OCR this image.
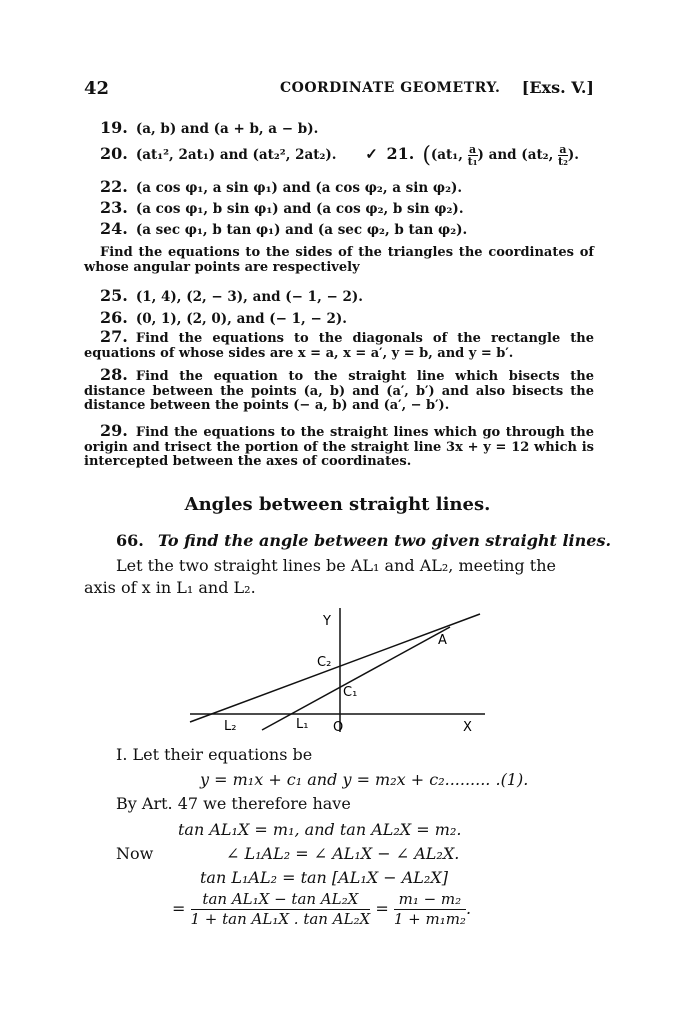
42	COORDINATE GEOMETRY. [Exs. V.]
19. (a, b) and (a + b, a − b).
20. (at₁², 2at₁) and (at₂², 2at₂). ✓ 21. ((at₁, $\frac{a}{\text{t₁}}$ ) and (at₂, $\frac{a}{\text{t₂}}$ ).
22. (a cos φ₁, a sin φ₁) and (a cos φ₂, a sin φ₂).
23. (a cos φ₁, b sin φ₁) and (a cos φ₂, b sin φ₂).
24. (a sec φ₁, b tan φ₁) and (a sec φ₂, b tan φ₂).
Find the equations to the sides of the triangles the coordinates of whose angular points are respectively
25. (1, 4), (2, − 3), and (− 1, − 2).
26. (0, 1), (2, 0), and (− 1, − 2).
27. Find the equations to the diagonals of the rectangle the equations of whose sides are x = a, x = a′, y = b, and y = b′.
28. Find the equation to the straight line which bisects the distance between the points (a, b) and (a′, b′) and also bisects the distance between the points (− a, b) and (a′, − b′).
29. Find the equations to the straight lines which go through the origin and trisect the portion of the straight line 3x + y = 12 which is intercepted between the axes of coordinates.
Angles between straight lines.
66. To find the angle between two given straight lines.
Let the two straight lines be AL₁ and AL₂, meeting the
axis of x in L₁ and L₂.
Y
A
C₂
C₁
L₂	L₁ O	X
I. Let their equations be
y = m₁x + c₁ and y = m₂x + c₂......... .(1).
By Art. 47 we therefore have
tan AL₁X = m₁, and tan AL₂X = m₂.
Now	∠ L₁AL₂ = ∠ AL₁X − ∠ AL₂X.
tan L₁AL₂ = tan [AL₁X − AL₂X]
= $\frac{\text{tan AL₁X − tan AL₂X}}{\text{1 + tan AL₁X . tan AL₂X}} = \frac{\text{m₁ − m₂}}{\text{1 + m₁m₂}}$ .
